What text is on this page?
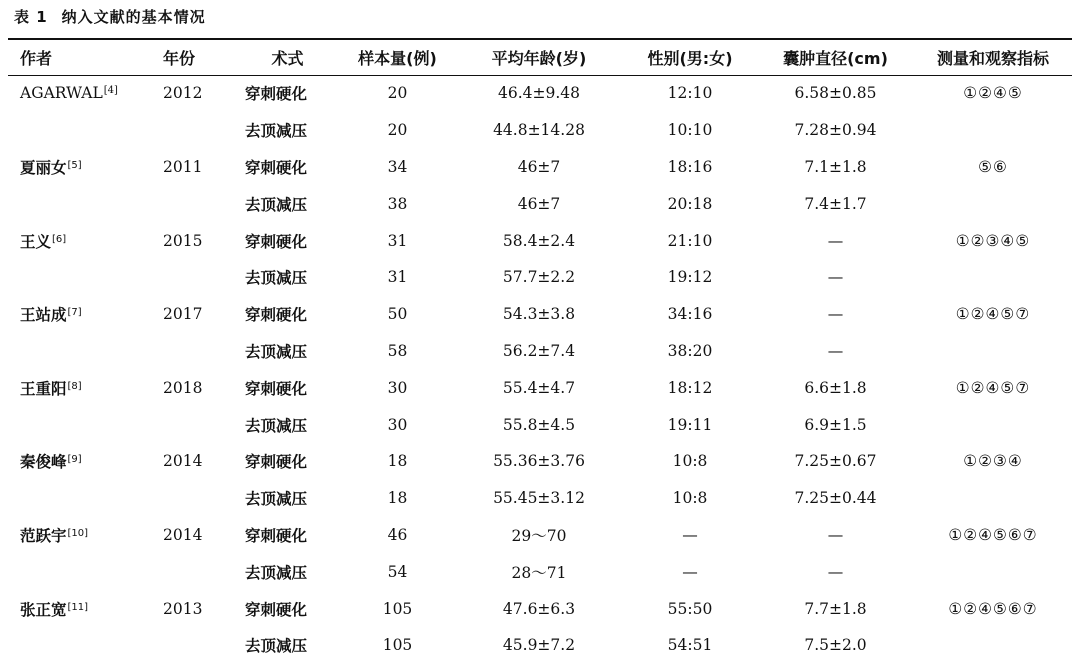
表 1 纳入文献的基本情况
作者	年份	术式	样本量(例)	平均年龄(岁)	性别(男:女)	囊肿直径(cm)	测量和观察指标
AGARWAL[4]	2012	穿刺硬化	20	46.4±9.48	12:10	6.58±0.85	①②④⑤
		去顶减压	20	44.8±14.28	10:10	7.28±0.94	
夏丽女[5]	2011	穿刺硬化	34	46±7	18:16	7.1±1.8	⑤⑥
		去顶减压	38	46±7	20:18	7.4±1.7	
王义[6]	2015	穿刺硬化	31	58.4±2.4	21:10	—	①②③④⑤
		去顶减压	31	57.7±2.2	19:12	—	
王站成[7]	2017	穿刺硬化	50	54.3±3.8	34:16	—	①②④⑤⑦
		去顶减压	58	56.2±7.4	38:20	—	
王重阳[8]	2018	穿刺硬化	30	55.4±4.7	18:12	6.6±1.8	①②④⑤⑦
		去顶减压	30	55.8±4.5	19:11	6.9±1.5	
秦俊峰[9]	2014	穿刺硬化	18	55.36±3.76	10:8	7.25±0.67	①②③④
		去顶减压	18	55.45±3.12	10:8	7.25±0.44	
范跃宇[10]	2014	穿刺硬化	46	29～70	—	—	①②④⑤⑥⑦
		去顶减压	54	28～71	—	—	
张正宽[11]	2013	穿刺硬化	105	47.6±6.3	55:50	7.7±1.8	①②④⑤⑥⑦
		去顶减压	105	45.9±7.2	54:51	7.5±2.0	
